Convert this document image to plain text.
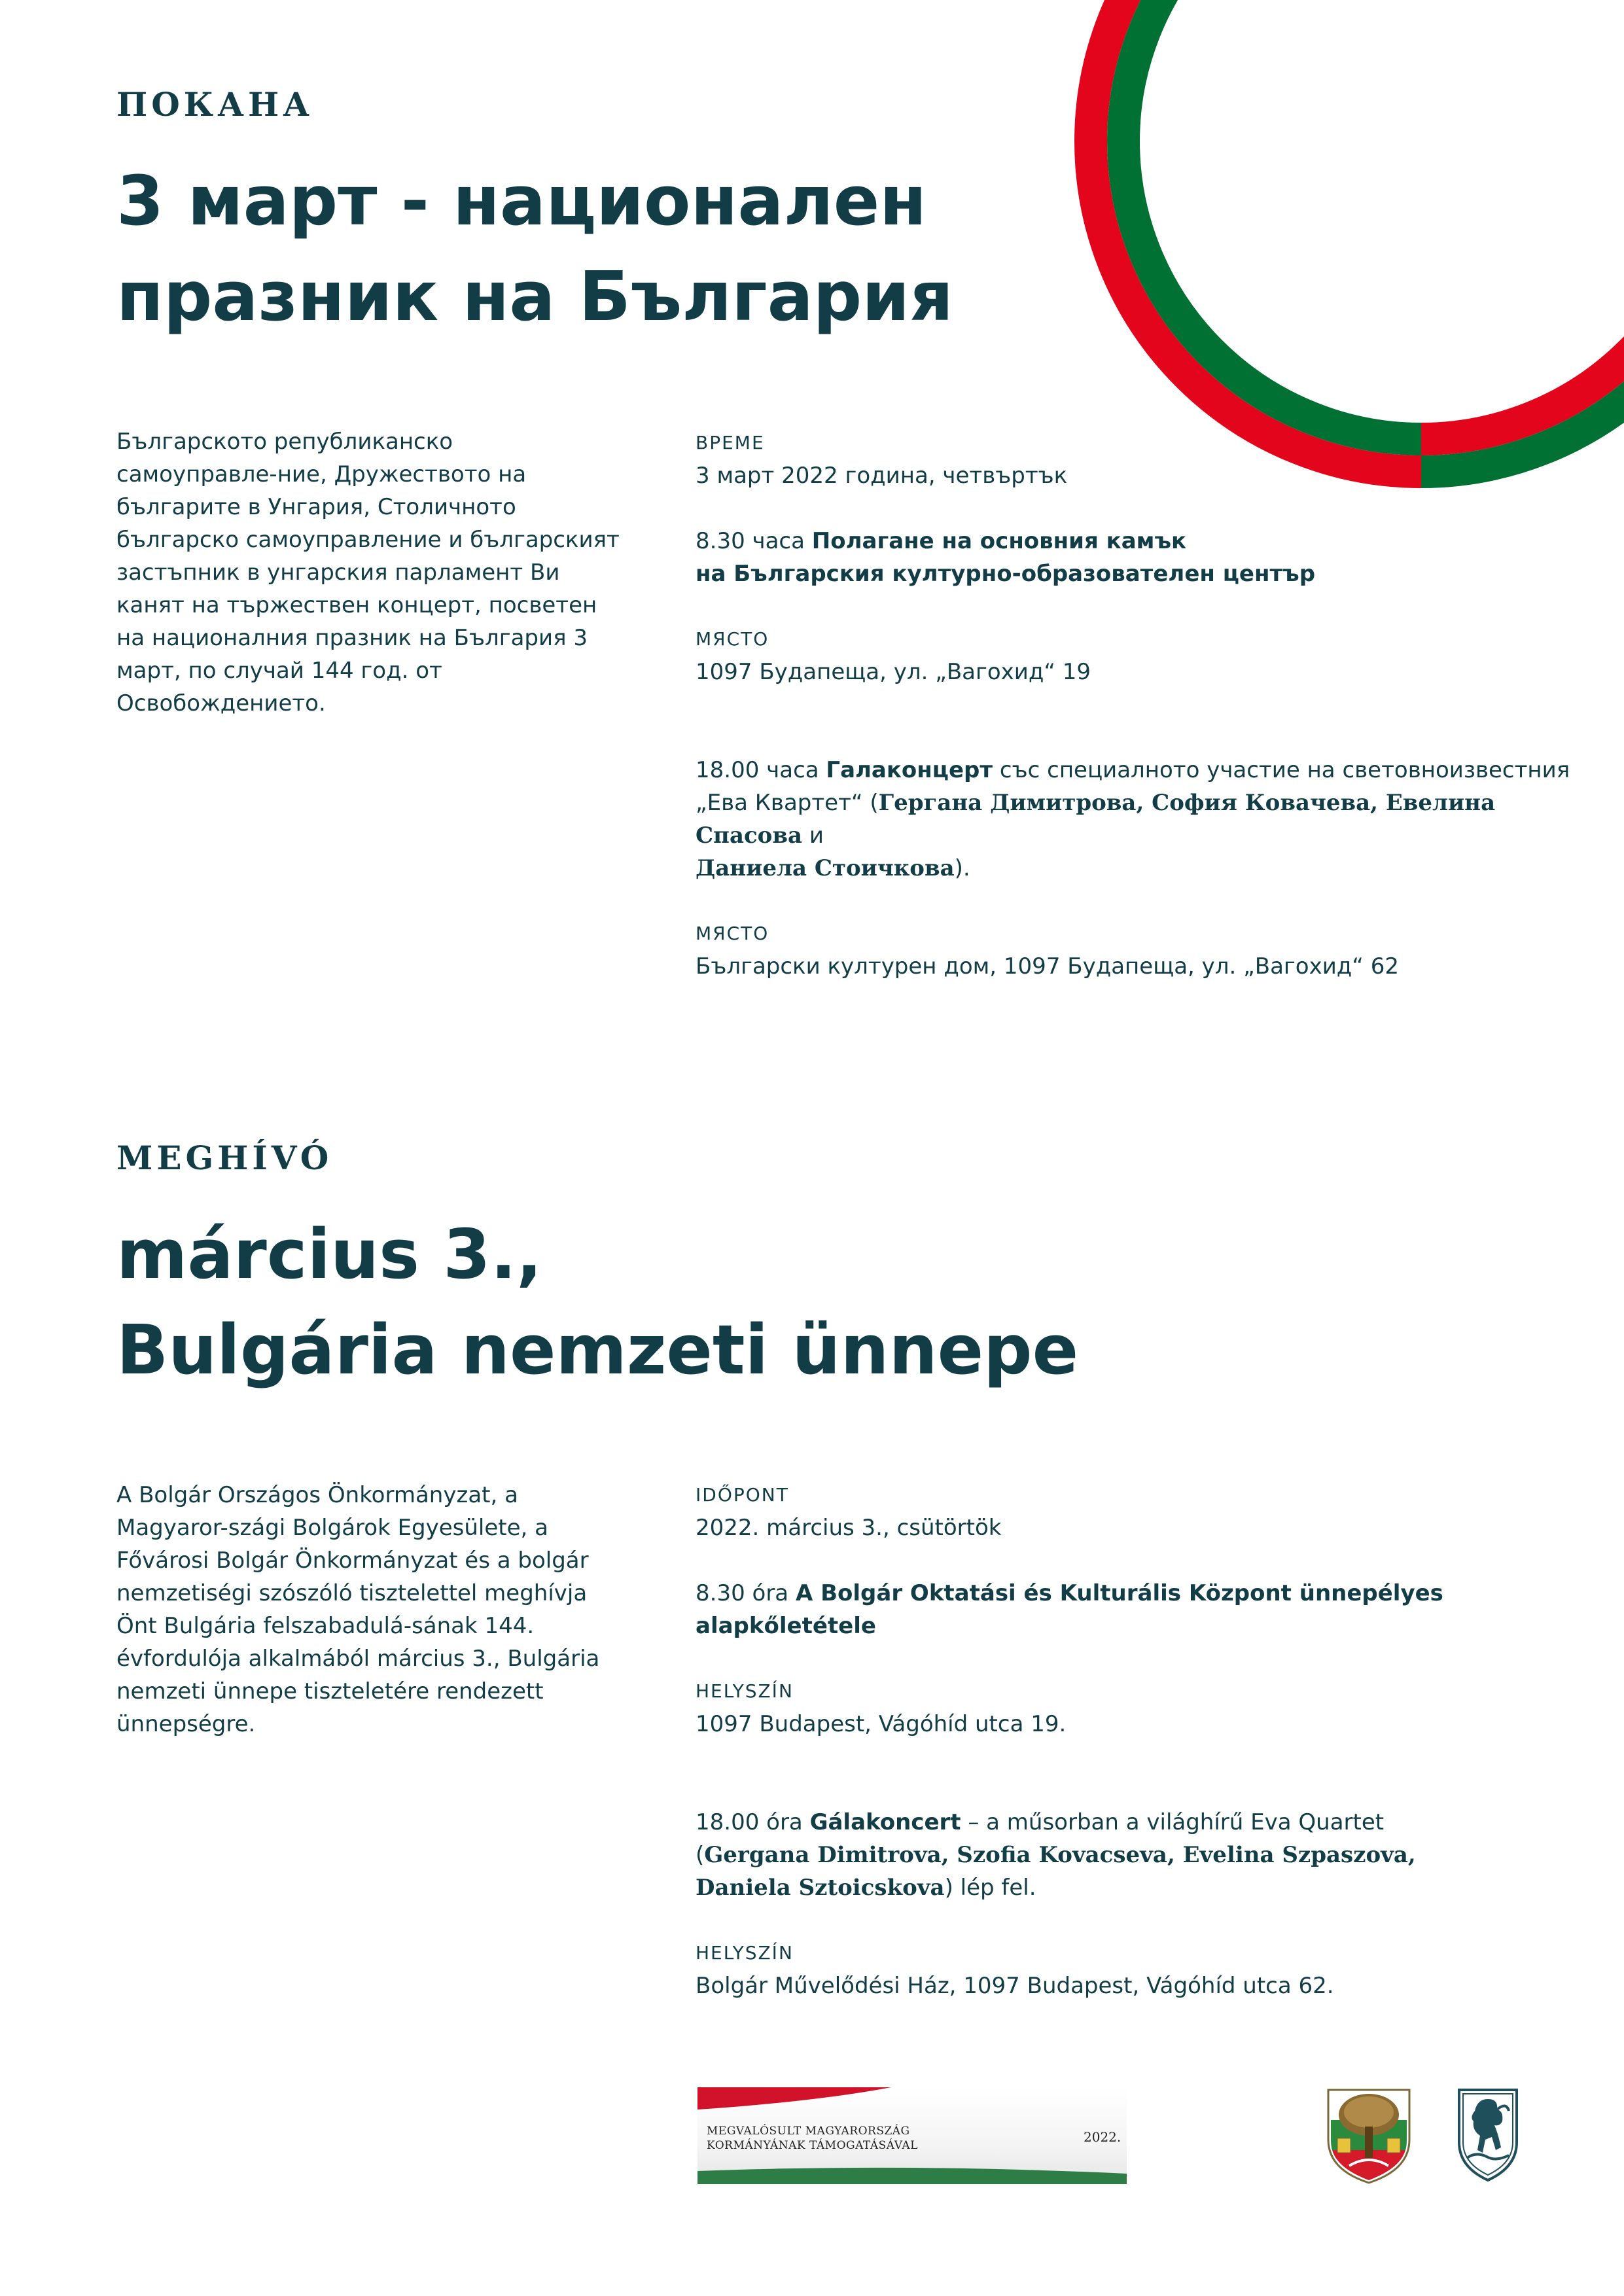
ПОКАНА
3 март - национален
празник на България
Българското републиканско самоуправле-ние, Дружеството на българите в Унгария, Столичното българско самоуправление и българският застъпник в унгарския парламент Ви канят на тържествен концерт, посветен на националния празник на България 3 март, по случай 144 год. от Освобождението.
ВРЕМЕ
3 март 2022 година, четвъртък
8.30 часа Полагане на основния камък
на Българския културно-образователен център
МЯСТО
1097 Будапеща, ул. „Вагохид“ 19
18.00 часа Галаконцерт със специалното участие на световноизвестния
„Ева Квартет“ (Гергана Димитрова, София Ковачева, Евелина Спасова и
Даниела Стоичкова).
МЯСТО
Български културен дом, 1097 Будапеща, ул. „Вагохид“ 62
MEGHÍVÓ
március 3.,
Bulgária nemzeti ünnepe
A Bolgár Országos Önkormányzat, a Magyaror-szági Bolgárok Egyesülete, a Fővárosi Bolgár Önkormányzat és a bolgár nemzetiségi szószóló tisztelettel meghívja Önt Bulgária felszabadulá-sának 144. évfordulója alkalmából március 3., Bulgária nemzeti ünnepe tiszteletére rendezett ünnepségre.
IDŐPONT
2022. március 3., csütörtök
8.30 óra A Bolgár Oktatási és Kulturális Központ ünnepélyes alapkőletétele
HELYSZÍN
1097 Budapest, Vágóhíd utca 19.
18.00 óra Gálakoncert – a műsorban a világhírű Eva Quartet
(Gergana Dimitrova, Szofia Kovacseva, Evelina Szpaszova,
Daniela Sztoicskova) lép fel.
HELYSZÍN
Bolgár Művelődési Ház, 1097 Budapest, Vágóhíd utca 62.
MEGVALÓSULT MAGYARORSZÁG
KORMÁNYÁNAK TÁMOGATÁSÁVAL
2022.
